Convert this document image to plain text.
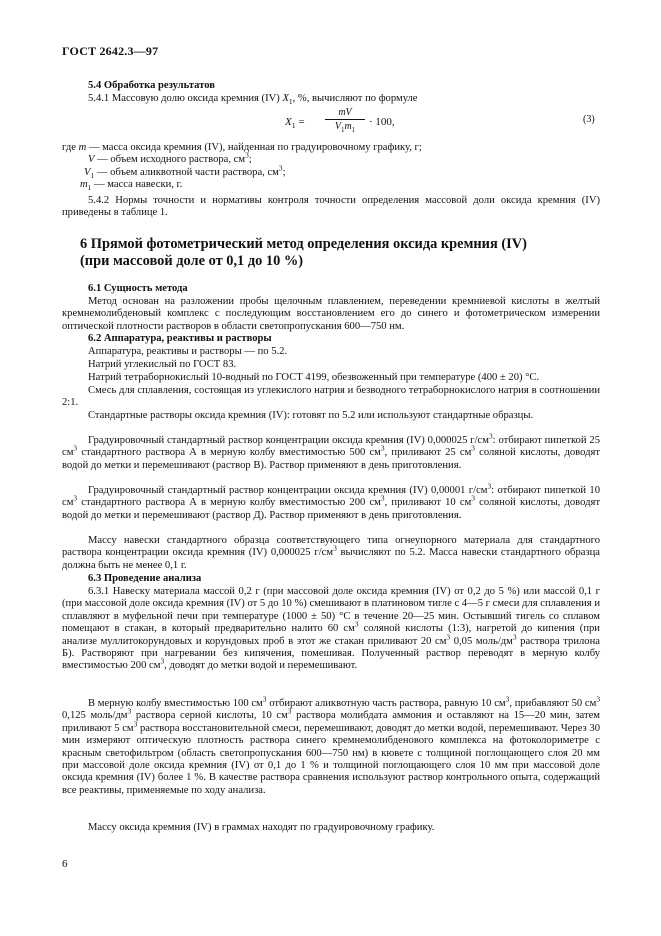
ГОСТ 2642.3—97
5.4 Обработка результатов
5.4.1 Массовую долю оксида кремния (IV) $X_1$, %, вычисляют по формуле
$X_1 = \frac{mV}{V_1m_1} \cdot 100$,	(3)
где m — масса оксида кремния (IV), найденная по градуировочному графику, г;
V — объем исходного раствора, $см^3$;
$V_1$ — объем аликвотной части раствора, $см^3$;
$m_1$ — масса навески, г.
5.4.2 Нормы точности и нормативы контроля точности определения массовой доли оксида кремния (IV) приведены в таблице 1.
6 Прямой фотометрический метод определения оксида кремния (IV)
(при массовой доле от 0,1 до 10 %)
6.1 Сущность метода
Метод основан на разложении пробы щелочным плавлением, переведении кремниевой кислоты в желтый кремнемолибденовый комплекс с последующим восстановлением его до синего и фотометрическом измерении оптической плотности растворов в области светопропускания 600—750 нм.
6.2 Аппаратура, реактивы и растворы
Аппаратура, реактивы и растворы — по 5.2.
Натрий углекислый по ГОСТ 83.
Натрий тетраборнокислый 10-водный по ГОСТ 4199, обезвоженный при температуре (400 ± 20) °С.
Смесь для сплавления, состоящая из углекислого натрия и безводного тетраборнокислого натрия в соотношении 2:1.
Стандартные растворы оксида кремния (IV): готовят по 5.2 или используют стандартные образцы.
Градуировочный стандартный раствор концентрации оксида кремния (IV) 0,000025 $г/см^3$: отбирают пипеткой 25 $см^3$ стандартного раствора А в мерную колбу вместимостью 500 $см^3$, приливают 25 $см^3$ соляной кислоты, доводят водой до метки и перемешивают (раствор В). Раствор применяют в день приготовления.
Градуировочный стандартный раствор концентрации оксида кремния (IV) 0,00001 $г/см^3$: отбирают пипеткой 10 $см^3$ стандартного раствора А в мерную колбу вместимостью 200 $см^3$, приливают 10 $см^3$ соляной кислоты, доводят водой до метки и перемешивают (раствор Д). Раствор применяют в день приготовления.
Массу навески стандартного образца соответствующего типа огнеупорного материала для стандартного раствора концентрации оксида кремния (IV) 0,000025 $г/см^3$ вычисляют по 5.2. Масса навески стандартного образца должна быть не менее 0,1 г.
6.3 Проведение анализа
6.3.1 Навеску материала массой 0,2 г (при массовой доле оксида кремния (IV) от 0,2 до 5 %) или массой 0,1 г (при массовой доле оксида кремния (IV) от 5 до 10 %) смешивают в платиновом тигле с 4—5 г смеси для сплавления и сплавляют в муфельной печи при температуре (1000 ± 50) °С в течение 20—25 мин. Остывший тигель со сплавом помещают в стакан, в который предварительно налито 60 $см^3$ соляной кислоты (1:3), нагретой до кипения (при анализе муллитокорундовых и корундовых проб в этот же стакан приливают 20 $см^3$ 0,05 моль/$дм^3$ раствора трилона Б). Растворяют при нагревании без кипячения, помешивая. Полученный раствор переводят в мерную колбу вместимостью 200 $см^3$, доводят до метки водой и перемешивают.
В мерную колбу вместимостью 100 $см^3$ отбирают аликвотную часть раствора, равную 10 $см^3$, прибавляют 50 $см^3$ 0,125 моль/$дм^3$ раствора серной кислоты, 10 $см^3$ раствора молибдата аммония и оставляют на 15—20 мин, затем приливают 5 $см^3$ раствора восстановительной смеси, перемешивают, доводят до метки водой, перемешивают. Через 30 мин измеряют оптическую плотность раствора синего кремнемолибденового комплекса на фотоколориметре с красным светофильтром (область светопропускания 600—750 нм) в кювете с толщиной поглощающего слоя 20 мм при массовой доле оксида кремния (IV) от 0,1 до 1 % и толщиной поглощающего слоя 10 мм при массовой доле оксида кремния (IV) более 1 %. В качестве раствора сравнения используют раствор контрольного опыта, содержащий все реактивы, применяемые по ходу анализа.
Массу оксида кремния (IV) в граммах находят по градуировочному графику.
6
